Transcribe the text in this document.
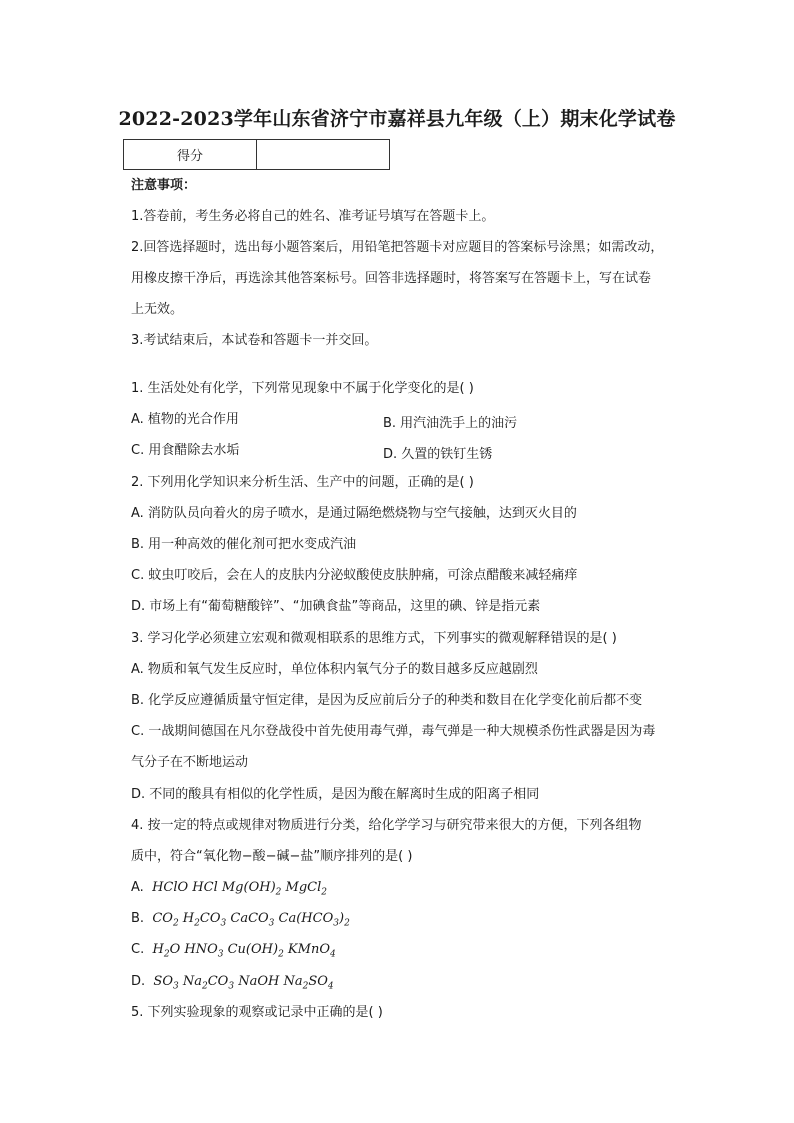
2022-2023学年山东省济宁市嘉祥县九年级（上）期末化学试卷
得分	
注意事项：
1.答卷前，考生务必将自己的姓名、准考证号填写在答题卡上。
2.回答选择题时，选出每小题答案后，用铅笔把答题卡对应题目的答案标号涂黑；如需改动，
用橡皮擦干净后，再选涂其他答案标号。回答非选择题时，将答案写在答题卡上，写在试卷
上无效。
3.考试结束后，本试卷和答题卡一并交回。
1. 生活处处有化学，下列常见现象中不属于化学变化的是( )
A. 植物的光合作用	B. 用汽油洗手上的油污
C. 用食醋除去水垢	D. 久置的铁钉生锈
2. 下列用化学知识来分析生活、生产中的问题，正确的是( )
A. 消防队员向着火的房子喷水，是通过隔绝燃烧物与空气接触，达到灭火目的
B. 用一种高效的催化剂可把水变成汽油
C. 蚊虫叮咬后，会在人的皮肤内分泌蚁酸使皮肤肿痛，可涂点醋酸来减轻痛痒
D. 市场上有“葡萄糖酸锌”、“加碘食盐”等商品，这里的碘、锌是指元素
3. 学习化学必须建立宏观和微观相联系的思维方式，下列事实的微观解释错误的是( )
A. 物质和氧气发生反应时，单位体积内氧气分子的数目越多反应越剧烈
B. 化学反应遵循质量守恒定律，是因为反应前后分子的种类和数目在化学变化前后都不变
C. 一战期间德国在凡尔登战役中首先使用毒气弹，毒气弹是一种大规模杀伤性武器是因为毒
气分子在不断地运动
D. 不同的酸具有相似的化学性质，是因为酸在解离时生成的阳离子相同
4. 按一定的特点或规律对物质进行分类，给化学学习与研究带来很大的方便，下列各组物
质中，符合“氧化物−酸−碱−盐”顺序排列的是( )
A. HClO HCl $Mg(OH)_2$ MgCl$_2$
B. $CO_2$ $H_2CO_3$ CaCO$_3$ $Ca(HCO_3)_2$
C. $H_2O$ $HNO_3$ $Cu(OH)_2$ KMnO$_4$
D. $SO_3$ $Na_2CO_3$ NaOH $Na_2SO_4$
5. 下列实验现象的观察或记录中正确的是( )
